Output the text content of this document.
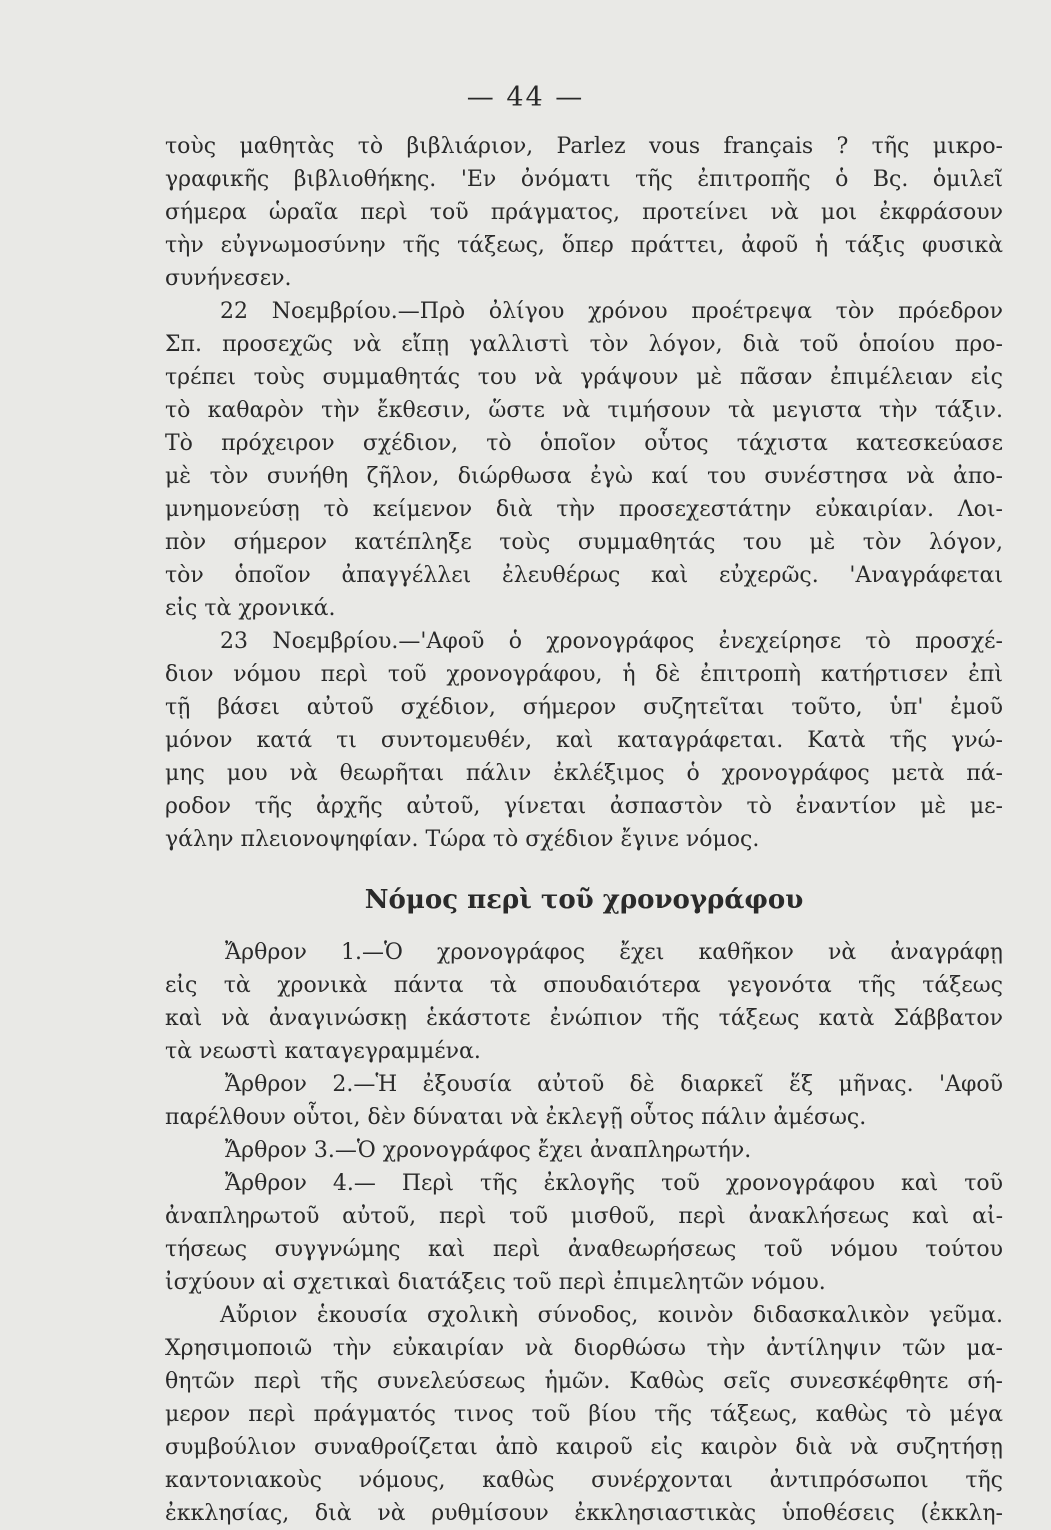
— 44 —
τοὺς μαθητὰς τὸ βιβλιάριον, Parlez vous français ? τῆς μικρο-
γραφικῆς βιβλιοθήκης. 'Εν ὀνόματι τῆς ἐπιτροπῆς ὁ Βς. ὁμιλεῖ
σήμερα ὡραῖα περὶ τοῦ πράγματος, προτείνει νὰ μοι ἐκφράσουν
τὴν εὐγνωμοσύνην τῆς τάξεως, ὅπερ πράττει, ἀφοῦ ἡ τάξις φυσικὰ
συνήνεσεν.
22 Νοεμβρίου.—Πρὸ ὀλίγου χρόνου προέτρεψα τὸν πρόεδρον
Σπ. προσεχῶς νὰ εἴπῃ γαλλιστὶ τὸν λόγον, διὰ τοῦ ὁποίου προ-
τρέπει τοὺς συμμαθητάς του νὰ γράψουν μὲ πᾶσαν ἐπιμέλειαν εἰς
τὸ καθαρὸν τὴν ἔκθεσιν, ὥστε νὰ τιμήσουν τὰ μεγιστα τὴν τάξιν.
Τὸ πρόχειρον σχέδιον, τὸ ὁποῖον οὗτος τάχιστα κατεσκεύασε
μὲ τὸν συνήθη ζῆλον, διώρθωσα ἐγὼ καί του συνέστησα νὰ ἀπο-
μνημονεύσῃ τὸ κείμενον διὰ τὴν προσεχεστάτην εὐκαιρίαν. Λοι-
πὸν σήμερον κατέπληξε τοὺς συμμαθητάς του μὲ τὸν λόγον,
τὸν ὁποῖον ἀπαγγέλλει ἐλευθέρως καὶ εὐχερῶς. 'Αναγράφεται
εἰς τὰ χρονικά.
23 Νοεμβρίου.—'Αφοῦ ὁ χρονογράφος ἐνεχείρησε τὸ προσχέ-
διον νόμου περὶ τοῦ χρονογράφου, ἡ δὲ ἐπιτροπὴ κατήρτισεν ἐπὶ
τῇ βάσει αὐτοῦ σχέδιον, σήμερον συζητεῖται τοῦτο, ὑπ' ἐμοῦ
μόνον κατά τι συντομευθέν, καὶ καταγράφεται. Κατὰ τῆς γνώ-
μης μου νὰ θεωρῆται πάλιν ἐκλέξιμος ὁ χρονογράφος μετὰ πά-
ροδον τῆς ἀρχῆς αὐτοῦ, γίνεται ἀσπαστὸν τὸ ἐναντίον μὲ με-
γάλην πλειονοψηφίαν. Τώρα τὸ σχέδιον ἔγινε νόμος.
Νόμος περὶ τοῦ χρονογράφου
Ἄρθρον 1.—Ὁ χρονογράφος ἔχει καθῆκον νὰ ἀναγράφῃ
εἰς τὰ χρονικὰ πάντα τὰ σπουδαιότερα γεγονότα τῆς τάξεως
καὶ νὰ ἀναγινώσκῃ ἑκάστοτε ἐνώπιον τῆς τάξεως κατὰ Σάββατον
τὰ νεωστὶ καταγεγραμμένα.
Ἄρθρον 2.—Ἡ ἐξουσία αὐτοῦ δὲ διαρκεῖ ἕξ μῆνας. 'Αφοῦ
παρέλθουν οὗτοι, δὲν δύναται νὰ ἐκλεγῇ οὗτος πάλιν ἀμέσως.
Ἄρθρον 3.—Ὁ χρονογράφος ἔχει ἀναπληρωτήν.
Ἄρθρον 4.— Περὶ τῆς ἐκλογῆς τοῦ χρονογράφου καὶ τοῦ
ἀναπληρωτοῦ αὐτοῦ, περὶ τοῦ μισθοῦ, περὶ ἀνακλήσεως καὶ αἰ-
τήσεως συγγνώμης καὶ περὶ ἀναθεωρήσεως τοῦ νόμου τούτου
ἰσχύουν αἱ σχετικαὶ διατάξεις τοῦ περὶ ἐπιμελητῶν νόμου.
Αὔριον ἑκουσία σχολικὴ σύνοδος, κοινὸν διδασκαλικὸν γεῦμα.
Χρησιμοποιῶ τὴν εὐκαιρίαν νὰ διορθώσω τὴν ἀντίληψιν τῶν μα-
θητῶν περὶ τῆς συνελεύσεως ἡμῶν. Καθὼς σεῖς συνεσκέφθητε σή-
μερον περὶ πράγματός τινος τοῦ βίου τῆς τάξεως, καθὼς τὸ μέγα
συμβούλιον συναθροίζεται ἀπὸ καιροῦ εἰς καιρὸν διὰ νὰ συζητήσῃ
καντονιακοὺς νόμους, καθὼς συνέρχονται ἀντιπρόσωποι τῆς
ἐκκλησίας, διὰ νὰ ρυθμίσουν ἐκκλησιαστικὰς ὑποθέσεις (ἐκκλη-
